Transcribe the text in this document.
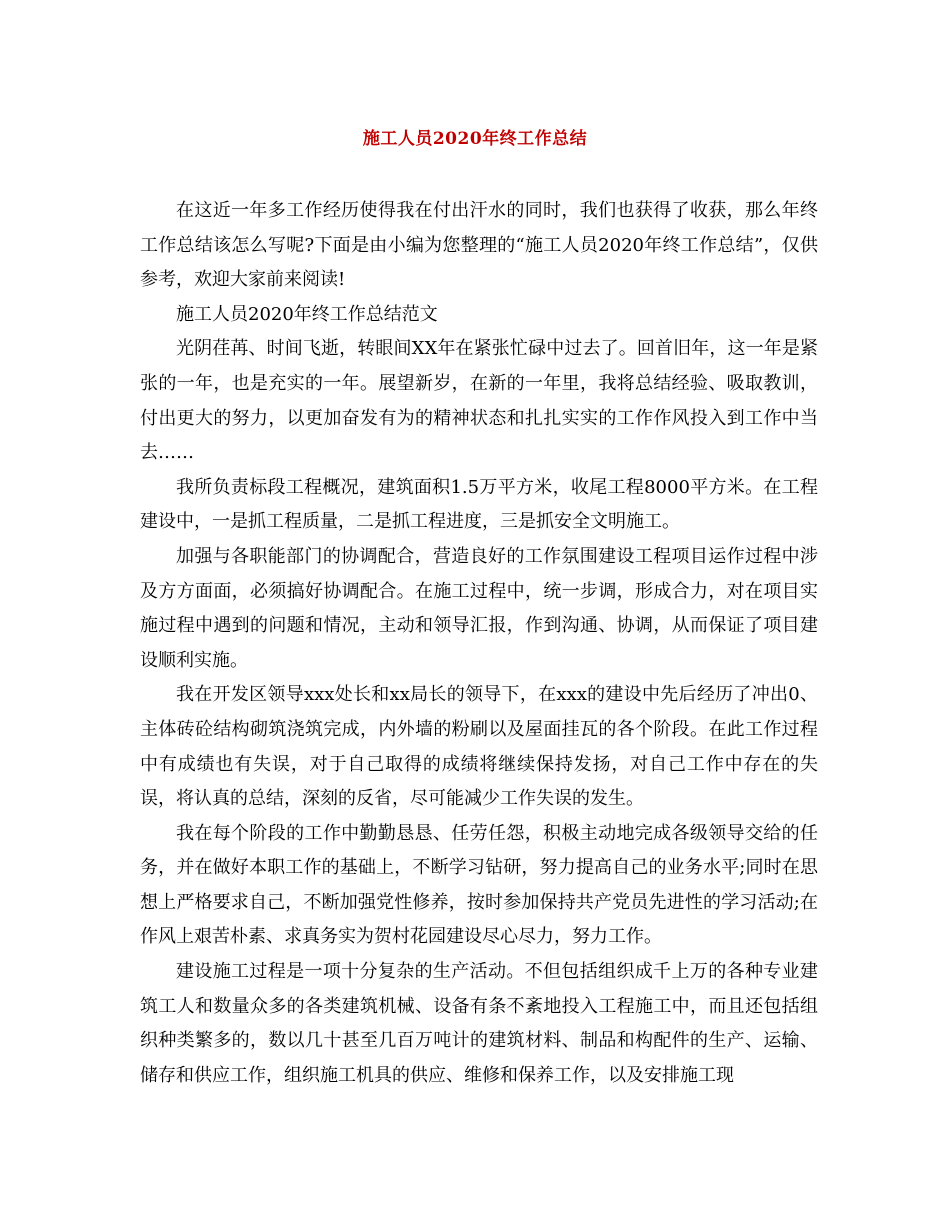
施工人员2020年终工作总结

在这近一年多工作经历使得我在付出汗水的同时，我们也获得了收获，那么年终工作总结该怎么写呢?下面是由小编为您整理的“施工人员2020年终工作总结”，仅供参考，欢迎大家前来阅读!

施工人员2020年终工作总结范文

光阴荏苒、时间飞逝，转眼间XX年在紧张忙碌中过去了。回首旧年，这一年是紧张的一年，也是充实的一年。展望新岁，在新的一年里，我将总结经验、吸取教训，付出更大的努力，以更加奋发有为的精神状态和扎扎实实的工作作风投入到工作中当去……

我所负责标段工程概况，建筑面积1.5万平方米，收尾工程8000平方米。在工程建设中，一是抓工程质量，二是抓工程进度，三是抓安全文明施工。

加强与各职能部门的协调配合，营造良好的工作氛围建设工程项目运作过程中涉及方方面面，必须搞好协调配合。在施工过程中，统一步调，形成合力，对在项目实施过程中遇到的问题和情况，主动和领导汇报，作到沟通、协调，从而保证了项目建设顺利实施。

我在开发区领导xxx处长和xx局长的领导下，在xxx的建设中先后经历了冲出0、主体砖砼结构砌筑浇筑完成，内外墙的粉刷以及屋面挂瓦的各个阶段。在此工作过程中有成绩也有失误，对于自己取得的成绩将继续保持发扬，对自己工作中存在的失误，将认真的总结，深刻的反省，尽可能减少工作失误的发生。

我在每个阶段的工作中勤勤恳恳、任劳任怨，积极主动地完成各级领导交给的任务，并在做好本职工作的基础上，不断学习钻研，努力提高自己的业务水平;同时在思想上严格要求自己，不断加强党性修养，按时参加保持共产党员先进性的学习活动;在作风上艰苦朴素、求真务实为贺村花园建设尽心尽力，努力工作。

建设施工过程是一项十分复杂的生产活动。不但包括组织成千上万的各种专业建筑工人和数量众多的各类建筑机械、设备有条不紊地投入工程施工中，而且还包括组织种类繁多的，数以几十甚至几百万吨计的建筑材料、制品和构配件的生产、运输、储存和供应工作，组织施工机具的供应、维修和保养工作，以及安排施工现
